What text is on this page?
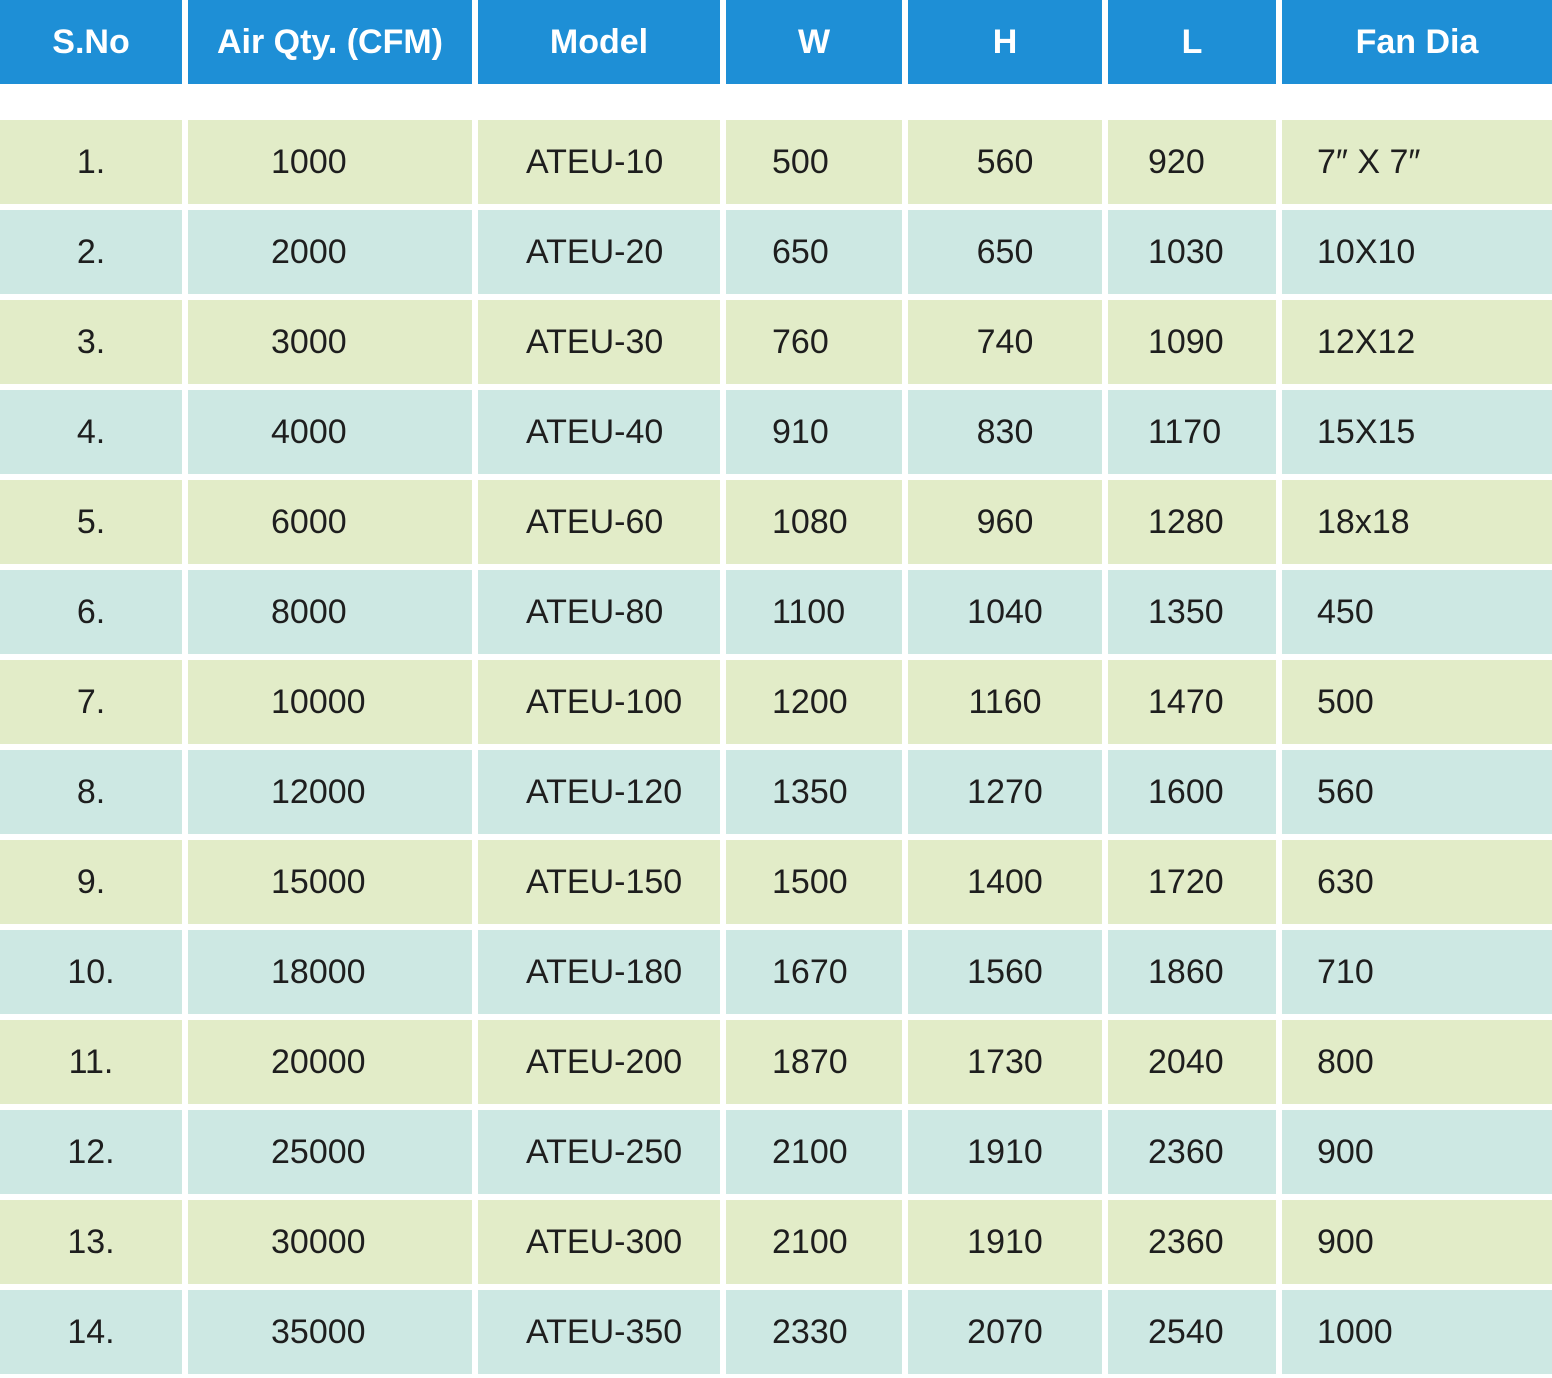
S.No	Air Qty. (CFM)	Model	W	H	L	Fan Dia
1.	1000	ATEU-10	500	560	920	7″ X 7″
2.	2000	ATEU-20	650	650	1030	10X10
3.	3000	ATEU-30	760	740	1090	12X12
4.	4000	ATEU-40	910	830	1170	15X15
5.	6000	ATEU-60	1080	960	1280	18x18
6.	8000	ATEU-80	1100	1040	1350	450
7.	10000	ATEU-100	1200	1160	1470	500
8.	12000	ATEU-120	1350	1270	1600	560
9.	15000	ATEU-150	1500	1400	1720	630
10.	18000	ATEU-180	1670	1560	1860	710
11.	20000	ATEU-200	1870	1730	2040	800
12.	25000	ATEU-250	2100	1910	2360	900
13.	30000	ATEU-300	2100	1910	2360	900
14.	35000	ATEU-350	2330	2070	2540	1000
